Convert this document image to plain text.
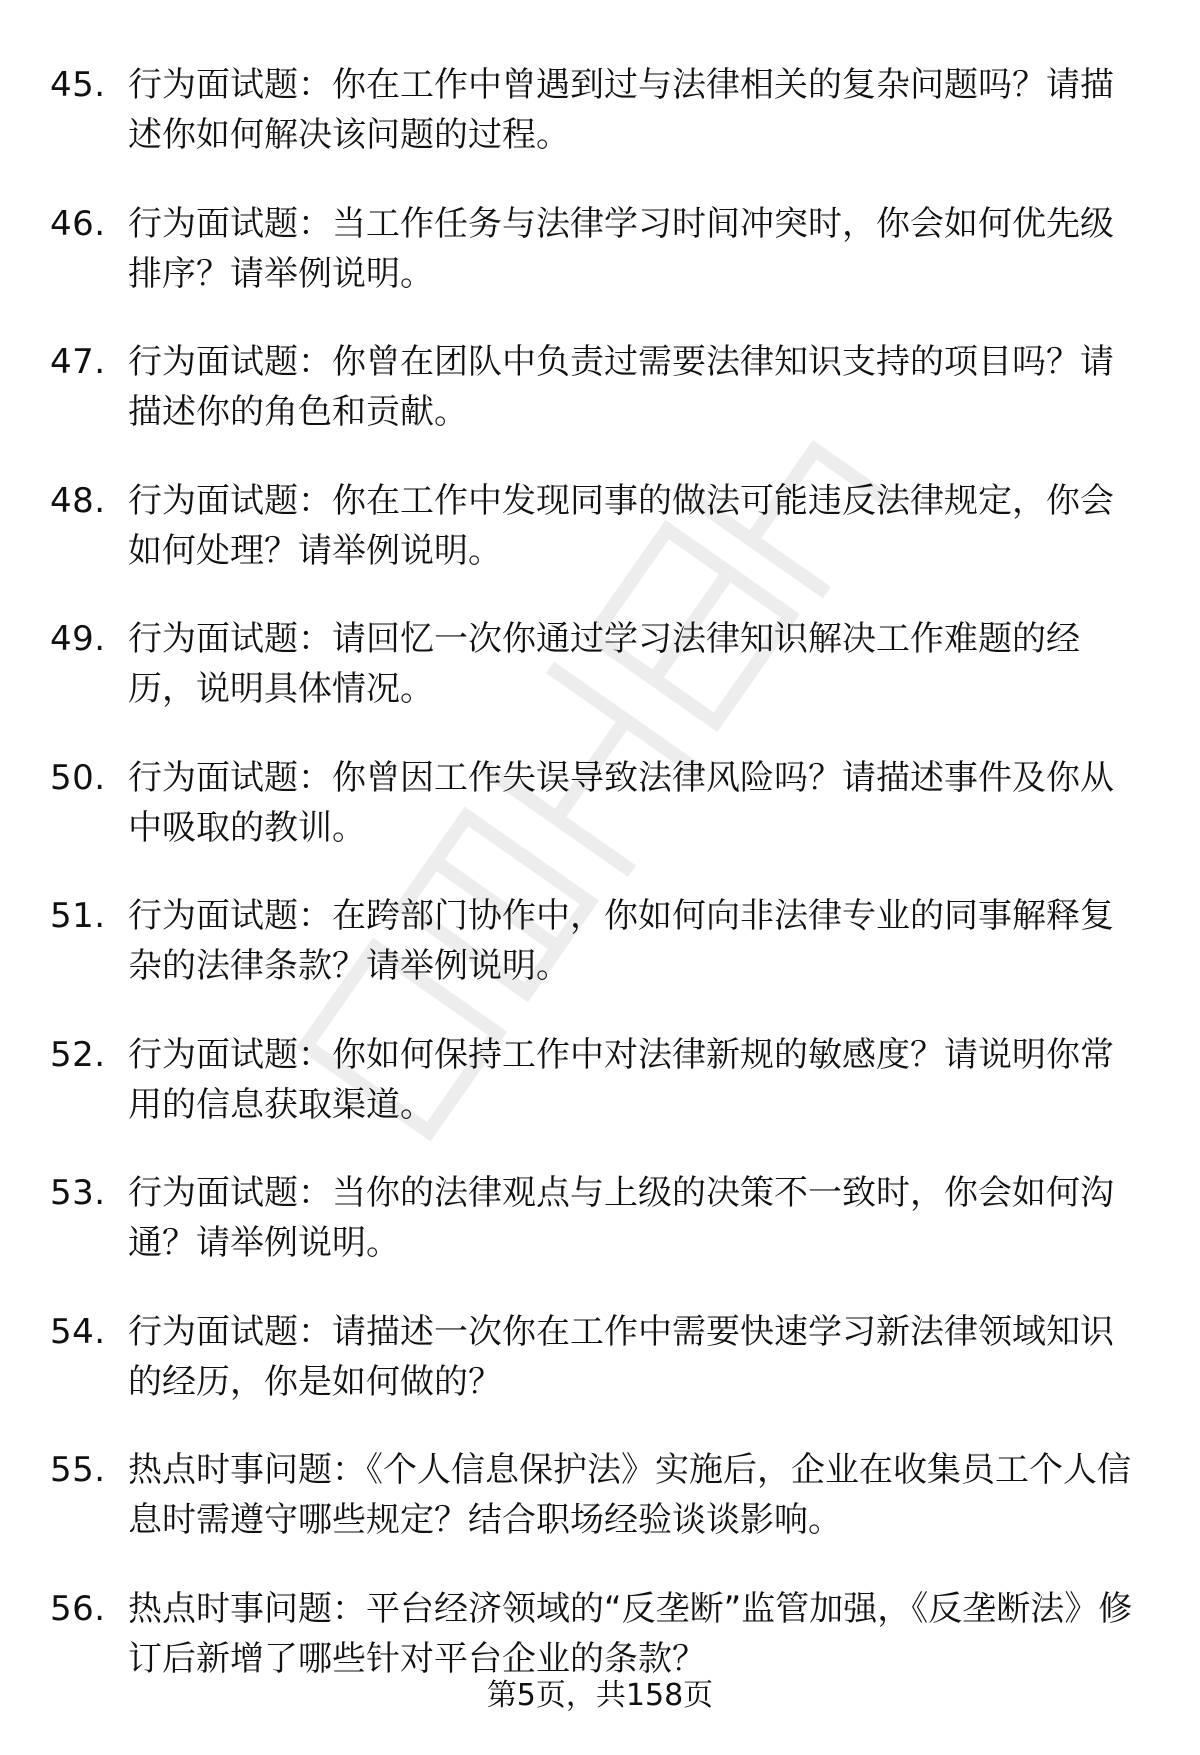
45. 行为面试题：你在工作中曾遇到过与法律相关的复杂问题吗？请描述你如何解决该问题的过程。
46. 行为面试题：当工作任务与法律学习时间冲突时，你会如何优先级排序？请举例说明。
47. 行为面试题：你曾在团队中负责过需要法律知识支持的项目吗？请描述你的角色和贡献。
48. 行为面试题：你在工作中发现同事的做法可能违反法律规定，你会如何处理？请举例说明。
49. 行为面试题：请回忆一次你通过学习法律知识解决工作难题的经历，说明具体情况。
50. 行为面试题：你曾因工作失误导致法律风险吗？请描述事件及你从中吸取的教训。
51. 行为面试题：在跨部门协作中，你如何向非法律专业的同事解释复杂的法律条款？请举例说明。
52. 行为面试题：你如何保持工作中对法律新规的敏感度？请说明你常用的信息获取渠道。
53. 行为面试题：当你的法律观点与上级的决策不一致时，你会如何沟通？请举例说明。
54. 行为面试题：请描述一次你在工作中需要快速学习新法律领域知识的经历，你是如何做的？
55. 热点时事问题：《个人信息保护法》实施后，企业在收集员工个人信息时需遵守哪些规定？结合职场经验谈谈影响。
56. 热点时事问题：平台经济领域的“反垄断”监管加强，《反垄断法》修订后新增了哪些针对平台企业的条款？
第5页，共158页
